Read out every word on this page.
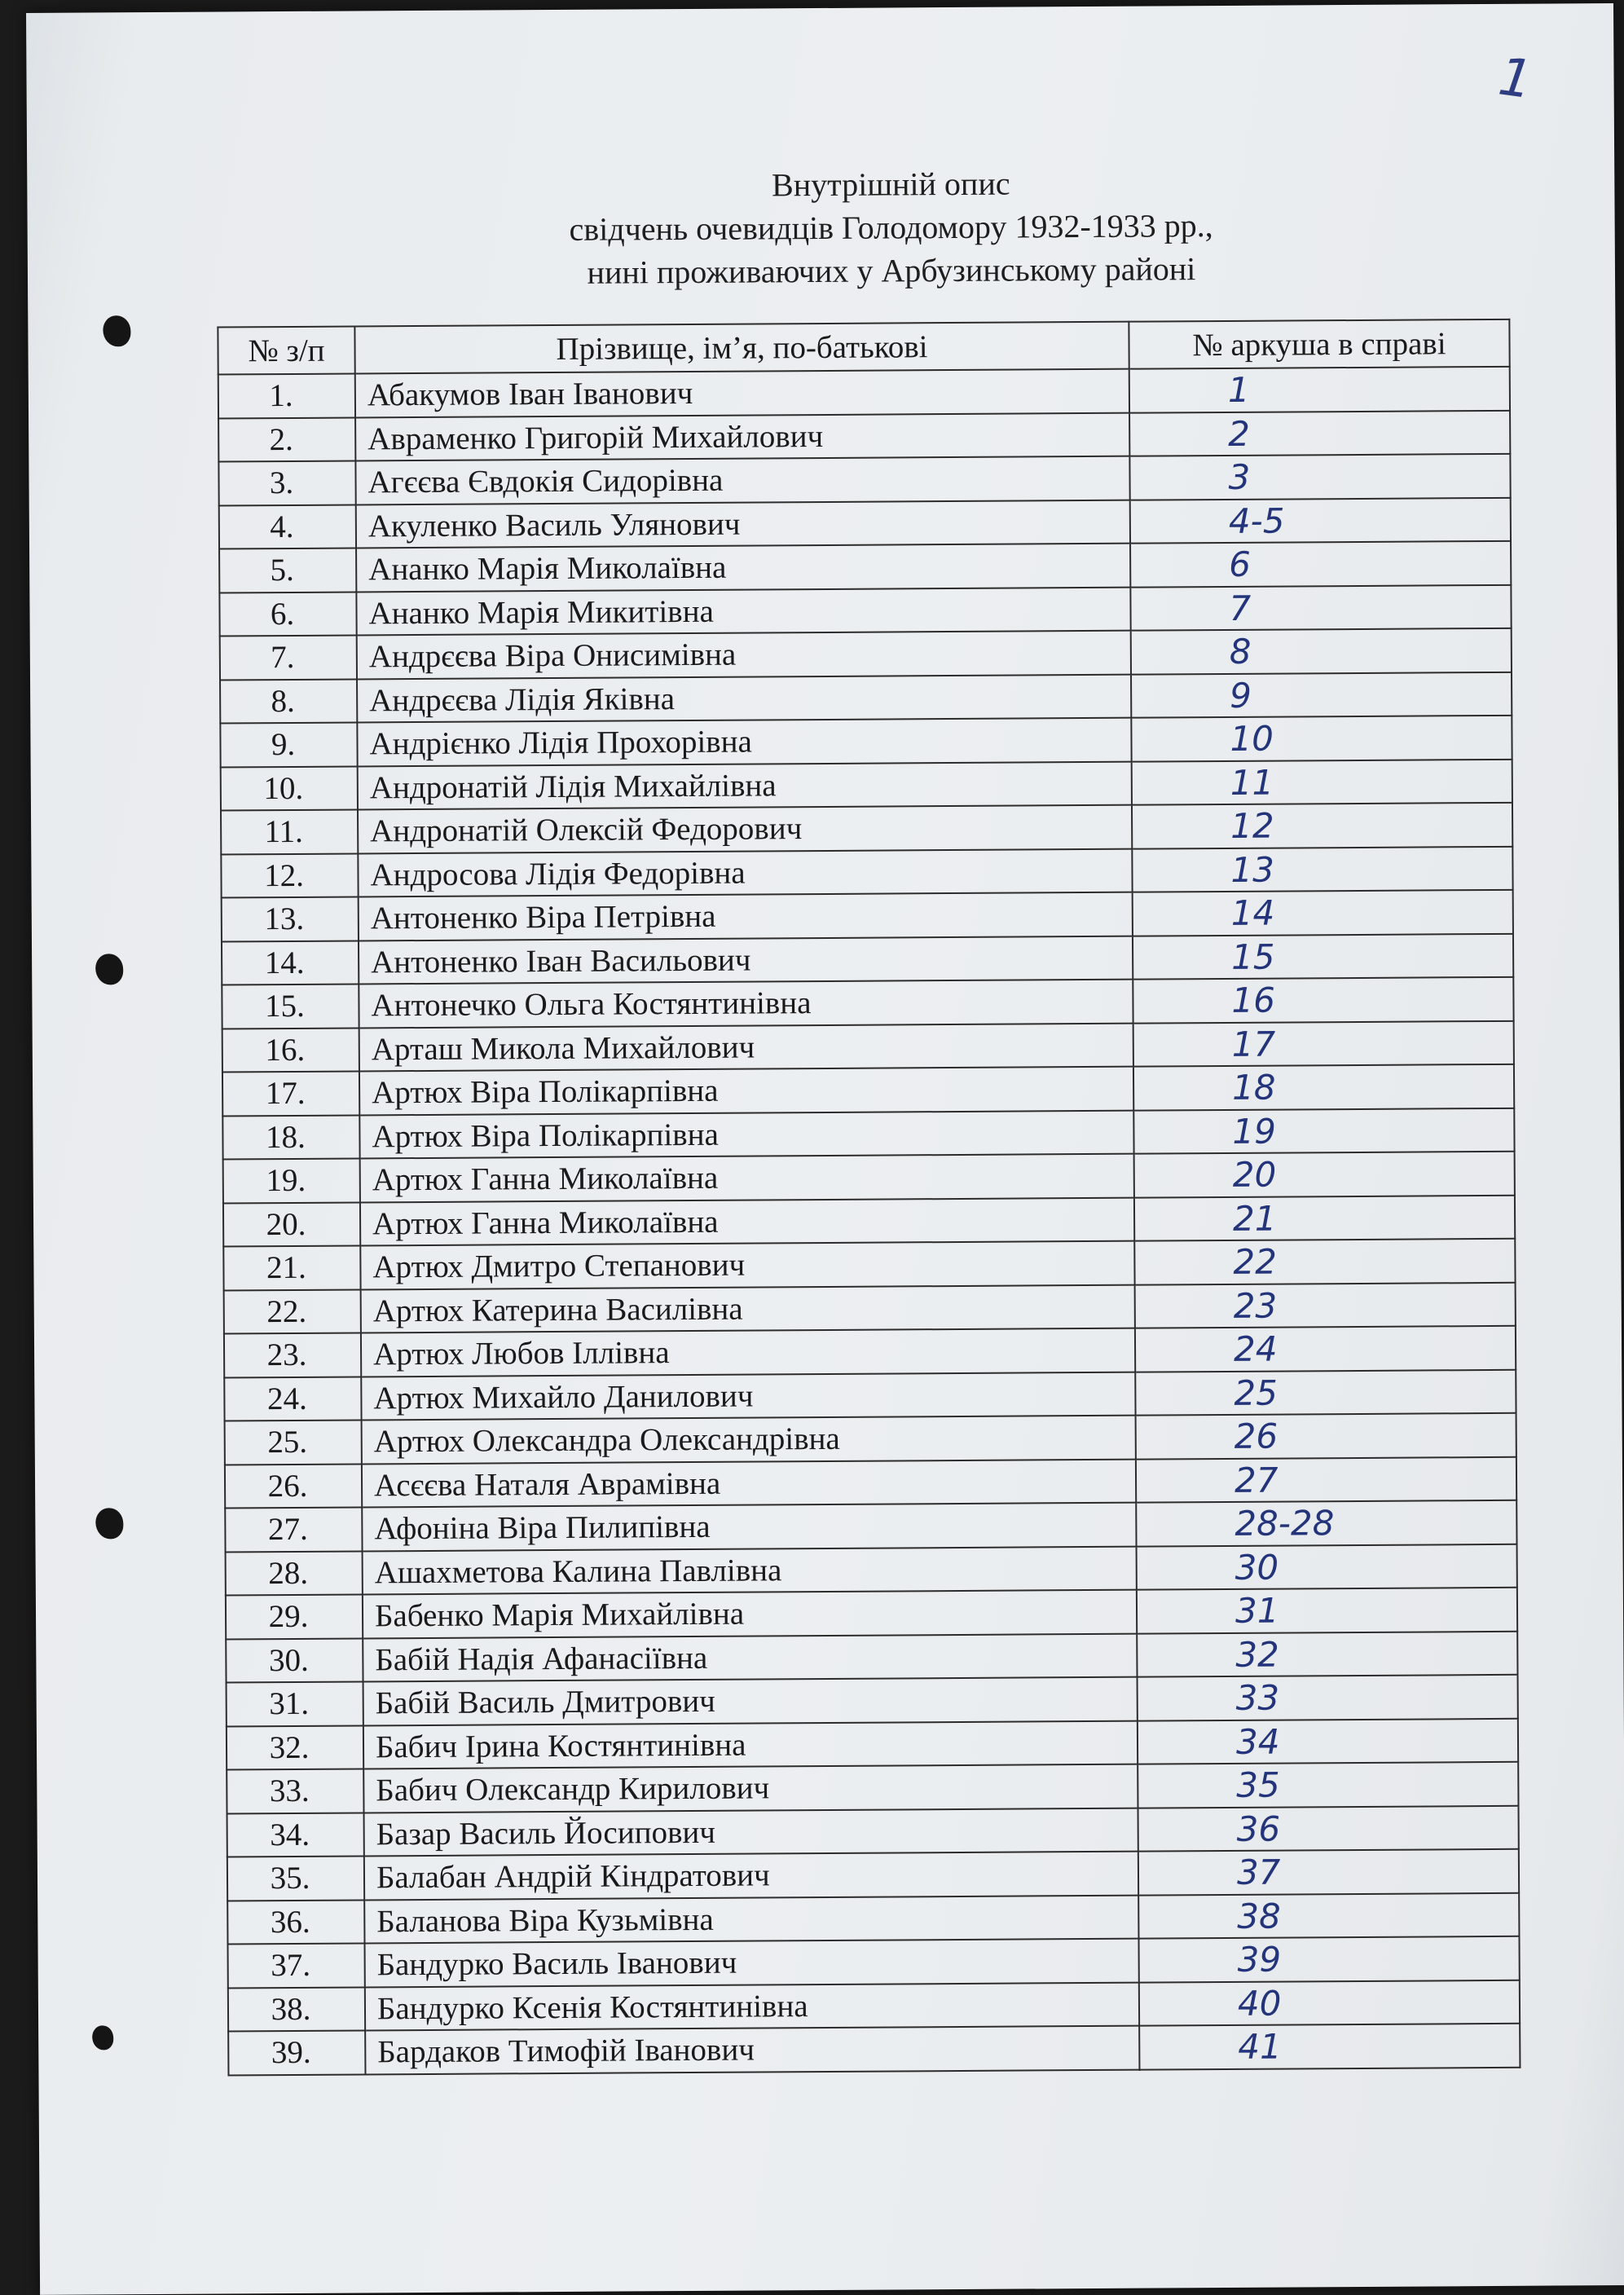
1
Внутрішній опис
свідчень очевидців Голодомору 1932-1933 рр.,
нині проживаючих у Арбузинському районі
№ з/п	Прізвище, ім’я, по-батькові	№ аркуша в справі
1.	Абакумов Іван Іванович	1
2.	Авраменко Григорій Михайлович	2
3.	Агєєва Євдокія Сидорівна	3
4.	Акуленко Василь Улянович	4-5
5.	Ананко Марія Миколаївна	6
6.	Ананко Марія Микитівна	7
7.	Андрєєва Віра Онисимівна	8
8.	Андрєєва Лідія Яківна	9
9.	Андрієнко Лідія Прохорівна	10
10.	Андронатій Лідія Михайлівна	11
11.	Андронатій Олексій Федорович	12
12.	Андросова Лідія Федорівна	13
13.	Антоненко Віра Петрівна	14
14.	Антоненко Іван Васильович	15
15.	Антонечко Ольга Костянтинівна	16
16.	Арташ Микола Михайлович	17
17.	Артюх Віра Полікарпівна	18
18.	Артюх Віра Полікарпівна	19
19.	Артюх Ганна Миколаївна	20
20.	Артюх Ганна Миколаївна	21
21.	Артюх Дмитро Степанович	22
22.	Артюх Катерина Василівна	23
23.	Артюх Любов Іллівна	24
24.	Артюх Михайло Данилович	25
25.	Артюх Олександра Олександрівна	26
26.	Асєєва Наталя Аврамівна	27
27.	Афоніна Віра Пилипівна	28-28
28.	Ашахметова Калина Павлівна	30
29.	Бабенко Марія Михайлівна	31
30.	Бабій Надія Афанасіївна	32
31.	Бабій Василь Дмитрович	33
32.	Бабич Ірина Костянтинівна	34
33.	Бабич Олександр Кирилович	35
34.	Базар Василь Йосипович	36
35.	Балабан Андрій Кіндратович	37
36.	Баланова Віра Кузьмівна	38
37.	Бандурко Василь Іванович	39
38.	Бандурко Ксенія Костянтинівна	40
39.	Бардаков Тимофій Іванович	41
